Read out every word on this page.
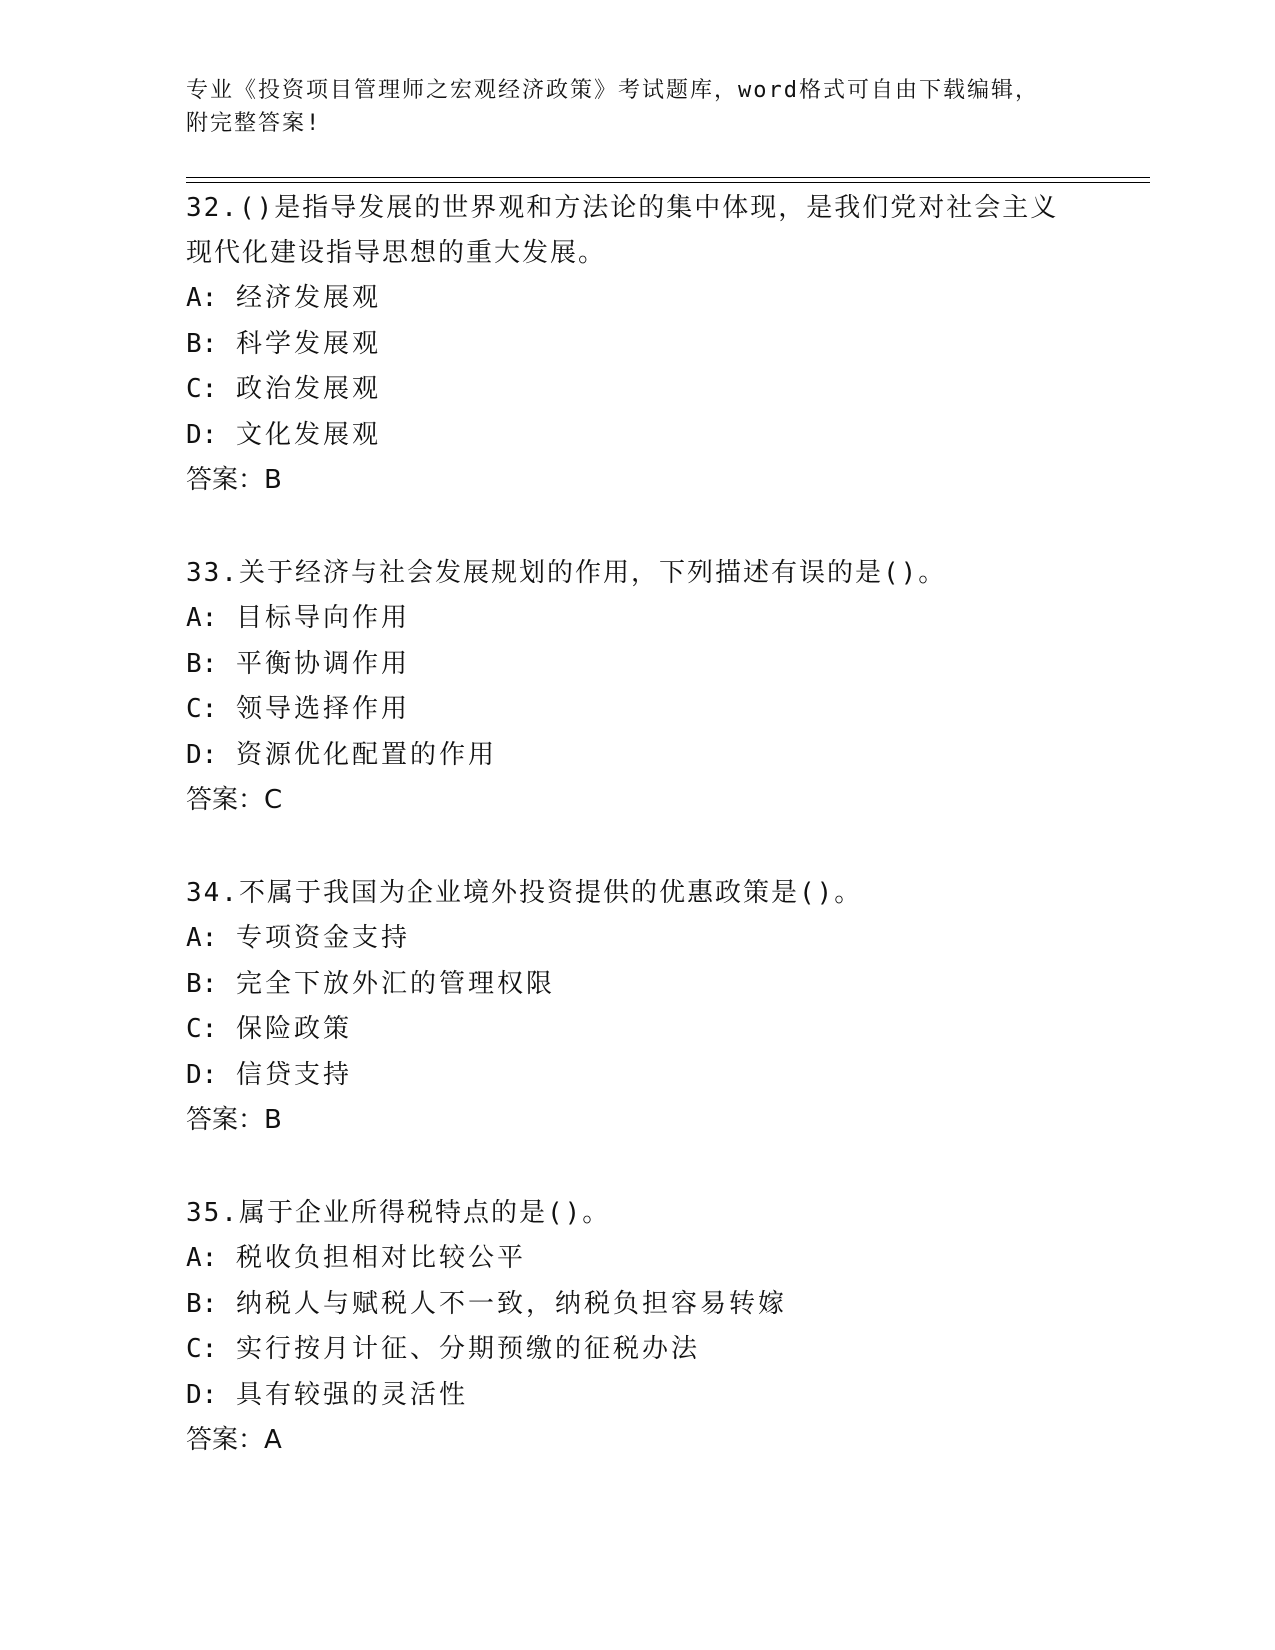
专业《投资项目管理师之宏观经济政策》考试题库，word格式可自由下载编辑，
附完整答案!
32.()是指导发展的世界观和方法论的集中体现，是我们党对社会主义
现代化建设指导思想的重大发展。
A: 经济发展观
B: 科学发展观
C: 政治发展观
D: 文化发展观
答案：B
33.关于经济与社会发展规划的作用，下列描述有误的是()。
A: 目标导向作用
B: 平衡协调作用
C: 领导选择作用
D: 资源优化配置的作用
答案：C
34.不属于我国为企业境外投资提供的优惠政策是()。
A: 专项资金支持
B: 完全下放外汇的管理权限
C: 保险政策
D: 信贷支持
答案：B
35.属于企业所得税特点的是()。
A: 税收负担相对比较公平
B: 纳税人与赋税人不一致，纳税负担容易转嫁
C: 实行按月计征、分期预缴的征税办法
D: 具有较强的灵活性
答案：A
